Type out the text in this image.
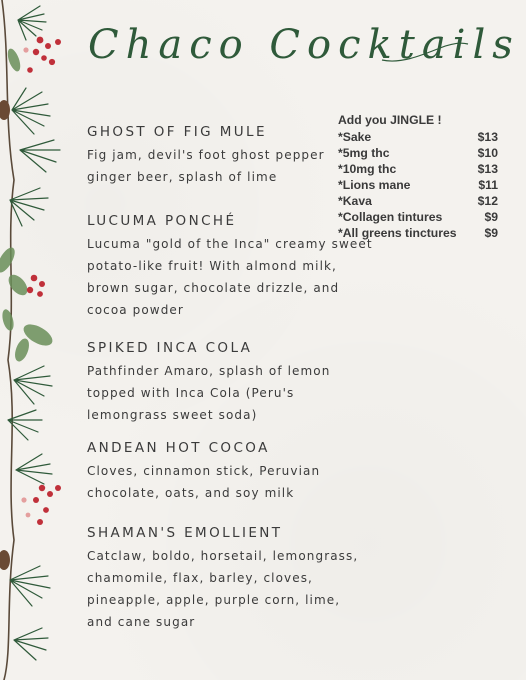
Chaco Cocktails
Add you JINGLE !
*Sake	$13
*5mg thc	$10
*10mg thc	$13
*Lions mane	$11
*Kava	$12
*Collagen tintures	$9
*All greens tinctures	$9
GHOST OF FIG MULE
Fig jam, devil's foot ghost pepper
ginger beer, splash of lime
LUCUMA PONCHÉ
Lucuma "gold of the Inca" creamy sweet
potato-like fruit! With almond milk,
brown sugar, chocolate drizzle, and
cocoa powder
SPIKED INCA COLA
Pathfinder Amaro, splash of lemon
topped with Inca Cola (Peru's
lemongrass sweet soda)
ANDEAN HOT COCOA
Cloves, cinnamon stick, Peruvian
chocolate, oats, and soy milk
SHAMAN'S EMOLLIENT
Catclaw, boldo, horsetail, lemongrass,
chamomile, flax, barley, cloves,
pineapple, apple, purple corn, lime,
and cane sugar
